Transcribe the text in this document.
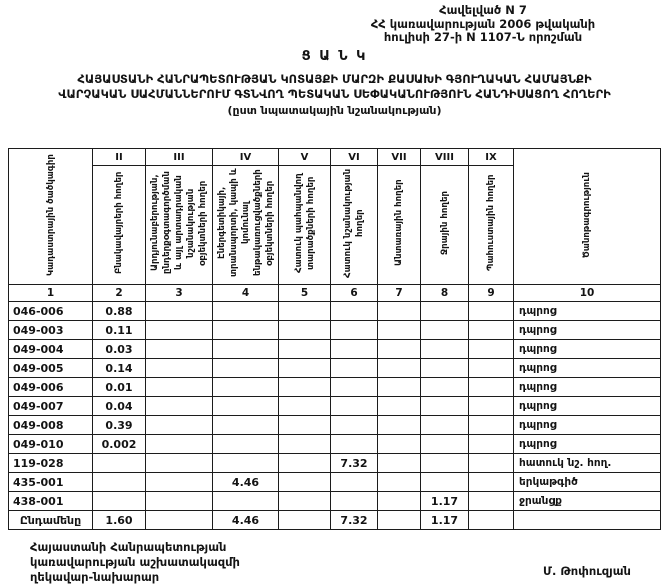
Հավելված N 7
ՀՀ կառավարության 2006 թվականի
հուլիսի 27-ի N 1107-Ն որոշման
Ց Ա Ն Կ
ՀԱՅԱՍՏԱՆԻ ՀԱՆՐԱՊԵՏՈՒԹՅԱՆ ԿՈՏԱՅՔԻ ՄԱՐԶԻ ՔԱՍԱԽԻ ԳՅՈՒՂԱԿԱՆ ՀԱՄԱՅՆՔԻ
ՎԱՐՉԱԿԱՆ ՍԱՀՄԱՆՆԵՐՈՒՄ ԳՏՆՎՈՂ ՊԵՏԱԿԱՆ ՍԵՓԱԿԱՆՈՒԹՅՈՒՆ ՀԱՆԴԻՍԱՑՈՂ ՀՈՂԵՐԻ
(ըստ նպատակային նշանակության)
Կադաստրային ծածկագիր	II	III	IV	V	VI	VII	VIII	IX	Ծանոթագրություն
	Բնակավայրերի հողեր	Արդյունաբերության, ընդերքօգտագործման և այլ արտադրական նշանակության օբյեկտների հողեր	Էներգետիկայի, տրանսպորտի, կապի և կոմունալ ենթակառուցվածքների օբյեկտների հողեր	Հատուկ պահպանվող տարածքների հողեր	Հատուկ նշանակության հողեր	Անտառային հողեր	Ջրային հողեր	Պահուստային հողեր	
1	2	3	4	5	6	7	8	9	10
046-006	0.88								դպրոց
049-003	0.11								դպրոց
049-004	0.03								դպրոց
049-005	0.14								դպրոց
049-006	0.01								դպրոց
049-007	0.04								դպրոց
049-008	0.39								դպրոց
049-010	0.002								դպրոց
119-028					7.32				հատուկ նշ. հող.
435-001			4.46						երկաթգիծ
438-001							1.17		ջրանցք
Ընդամենը	1.60		4.46		7.32		1.17		
Հայաստանի Հանրապետության
կառավարության աշխատակազմի
ղեկավար-նախարար	Մ. Թոփուզյան
